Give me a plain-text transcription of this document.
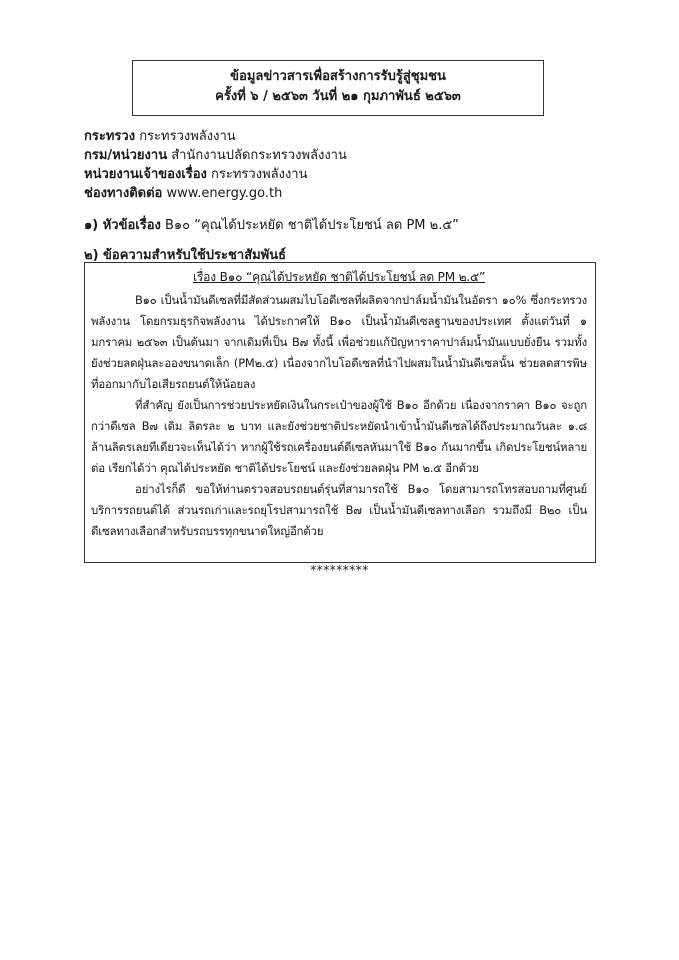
ข้อมูลข่าวสารเพื่อสร้างการรับรู้สู่ชุมชน
ครั้งที่ ๖ / ๒๕๖๓ วันที่ ๒๑ กุมภาพันธ์ ๒๕๖๓
กระทรวง กระทรวงพลังงาน
กรม/หน่วยงาน สำนักงานปลัดกระทรวงพลังงาน
หน่วยงานเจ้าของเรื่อง กระทรวงพลังงาน
ช่องทางติดต่อ www.energy.go.th
๑) หัวข้อเรื่อง B๑๐ “คุณได้ประหยัด ชาติได้ประโยชน์ ลด PM ๒.๕”
๒) ข้อความสำหรับใช้ประชาสัมพันธ์
เรื่อง B๑๐ “คุณได้ประหยัด ชาติได้ประโยชน์ ลด PM ๒.๕”

B๑๐ เป็นน้ำมันดีเซลที่มีสัดส่วนผสมไบโอดีเซลที่ผลิตจากปาล์มน้ำมันในอัตรา ๑๐% ซึ่งกระทรวงพลังงาน โดยกรมธุรกิจพลังงาน ได้ประกาศให้ B๑๐ เป็นน้ำมันดีเซลฐานของประเทศ ตั้งแต่วันที่ ๑ มกราคม ๒๕๖๓ เป็นต้นมา จากเดิมที่เป็น B๗ ทั้งนี้ เพื่อช่วยแก้ปัญหาราคาปาล์มน้ำมันแบบยั่งยืน รวมทั้งยังช่วยลดฝุ่นละอองขนาดเล็ก (PM๒.๕) เนื่องจากไบโอดีเซลที่นำไปผสมในน้ำมันดีเซลนั้น ช่วยลดสารพิษที่ออกมากับไอเสียรถยนต์ให้น้อยลง

ที่สำคัญ ยังเป็นการช่วยประหยัดเงินในกระเป๋าของผู้ใช้ B๑๐ อีกด้วย เนื่องจากราคา B๑๐ จะถูกกว่าดีเซล B๗ เดิม ลิตรละ ๒ บาท และยังช่วยชาติประหยัดนำเข้าน้ำมันดีเซลได้ถึงประมาณวันละ ๑.๘ ล้านลิตรเลยทีเดียวจะเห็นได้ว่า หากผู้ใช้รถเครื่องยนต์ดีเซลหันมาใช้ B๑๐ กันมากขึ้น เกิดประโยชน์หลายต่อ เรียกได้ว่า คุณได้ประหยัด ชาติได้ประโยชน์ และยังช่วยลดฝุ่น PM ๒.๕ อีกด้วย

อย่างไรก็ดี ขอให้ท่านตรวจสอบรถยนต์รุ่นที่สามารถใช้ B๑๐ โดยสามารถโทรสอบถามที่ศูนย์บริการรถยนต์ได้ ส่วนรถเก่าและรถยุโรปสามารถใช้ B๗ เป็นน้ำมันดีเซลทางเลือก รวมถึงมี B๒๐ เป็นดีเซลทางเลือกสำหรับรถบรรทุกขนาดใหญ่อีกด้วย

*********
